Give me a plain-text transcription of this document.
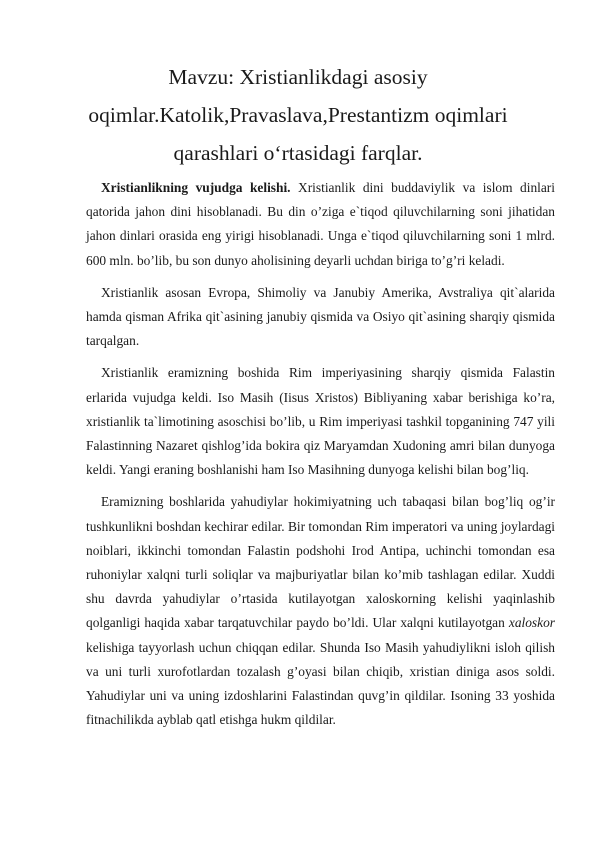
Mavzu: Xristianlikdagi asosiy
oqimlar.Katolik,Pravaslava,Prestantizm oqimlari
qarashlari o‘rtasidagi farqlar.

Xristianlikning vujudga kelishi. Xristianlik dini buddaviylik va islom dinlari qatorida jahon dini hisoblanadi. Bu din o’ziga e`tiqod qiluvchilarning soni jihatidan jahon dinlari orasida eng yirigi hisoblanadi. Unga e`tiqod qiluvchilarning soni 1 mlrd. 600 mln. bo’lib, bu son dunyo aholisining deyarli uchdan biriga to’g’ri keladi.

Xristianlik asosan Evropa, Shimoliy va Janubiy Amerika, Avstraliya qit`alarida hamda qisman Afrika qit`asining janubiy qismida va Osiyo qit`asining sharqiy qismida tarqalgan.

Xristianlik eramizning boshida Rim imperiyasining sharqiy qismida Falastin erlarida vujudga keldi. Iso Masih (Iisus Xristos) Bibliyaning xabar berishiga ko’ra, xristianlik ta`limotining asoschisi bo’lib, u Rim imperiyasi tashkil topganining 747 yili Falastinning Nazaret qishlog’ida bokira qiz Maryamdan Xudoning amri bilan dunyoga keldi. Yangi eraning boshlanishi ham Iso Masihning dunyoga kelishi bilan bog’liq.

Eramizning boshlarida yahudiylar hokimiyatning uch tabaqasi bilan bog’liq og’ir tushkunlikni boshdan kechirar edilar. Bir tomondan Rim imperatori va uning joylardagi noiblari, ikkinchi tomondan Falastin podshohi Irod Antipa, uchinchi tomondan esa ruhoniylar xalqni turli soliqlar va majburiyatlar bilan ko’mib tashlagan edilar. Xuddi shu davrda yahudiylar o’rtasida kutilayotgan xaloskorning kelishi yaqinlashib qolganligi haqida xabar tarqatuvchilar paydo bo’ldi. Ular xalqni kutilayotgan xaloskor kelishiga tayyorlash uchun chiqqan edilar. Shunda Iso Masih yahudiylikni isloh qilish va uni turli xurofotlardan tozalash g’oyasi bilan chiqib, xristian diniga asos soldi. Yahudiylar uni va uning izdoshlarini Falastindan quvg’in qildilar. Isoning 33 yoshida fitnachilikda ayblab qatl etishga hukm qildilar.
